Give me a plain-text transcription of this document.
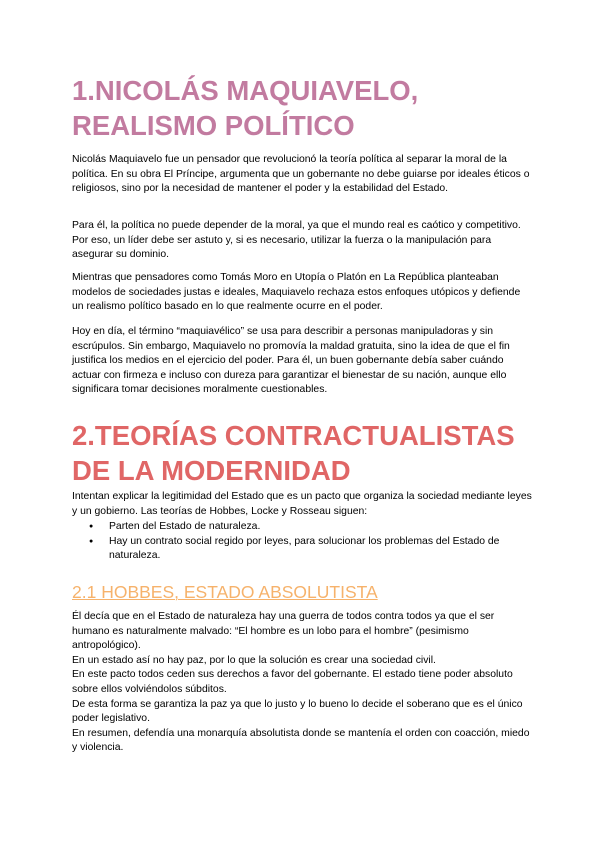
1.NICOLÁS MAQUIAVELO,
REALISMO POLÍTICO

Nicolás Maquiavelo fue un pensador que revolucionó la teoría política al separar la moral de la política. En su obra El Príncipe, argumenta que un gobernante no debe guiarse por ideales éticos o religiosos, sino por la necesidad de mantener el poder y la estabilidad del Estado.

Para él, la política no puede depender de la moral, ya que el mundo real es caótico y competitivo. Por eso, un líder debe ser astuto y, si es necesario, utilizar la fuerza o la manipulación para asegurar su dominio.

Mientras que pensadores como Tomás Moro en Utopía o Platón en La República planteaban modelos de sociedades justas e ideales, Maquiavelo rechaza estos enfoques utópicos y defiende un realismo político basado en lo que realmente ocurre en el poder.

Hoy en día, el término “maquiavélico” se usa para describir a personas manipuladoras y sin escrúpulos. Sin embargo, Maquiavelo no promovía la maldad gratuita, sino la idea de que el fin justifica los medios en el ejercicio del poder. Para él, un buen gobernante debía saber cuándo actuar con firmeza e incluso con dureza para garantizar el bienestar de su nación, aunque ello significara tomar decisiones moralmente cuestionables.

2.TEORÍAS CONTRACTUALISTAS
DE LA MODERNIDAD

Intentan explicar la legitimidad del Estado que es un pacto que organiza la sociedad mediante leyes y un gobierno. Las teorías de Hobbes, Locke y Rosseau siguen:

● Parten del Estado de naturaleza.
● Hay un contrato social regido por leyes, para solucionar los problemas del Estado de naturaleza.
2.1 HOBBES, ESTADO ABSOLUTISTA

Él decía que en el Estado de naturaleza hay una guerra de todos contra todos ya que el ser humano es naturalmente malvado: “El hombre es un lobo para el hombre” (pesimismo antropológico).

En un estado así no hay paz, por lo que la solución es crear una sociedad civil.

En este pacto todos ceden sus derechos a favor del gobernante. El estado tiene poder absoluto sobre ellos volviéndolos súbditos.

De esta forma se garantiza la paz ya que lo justo y lo bueno lo decide el soberano que es el único poder legislativo.

En resumen, defendía una monarquía absolutista donde se mantenía el orden con coacción, miedo y violencia.
